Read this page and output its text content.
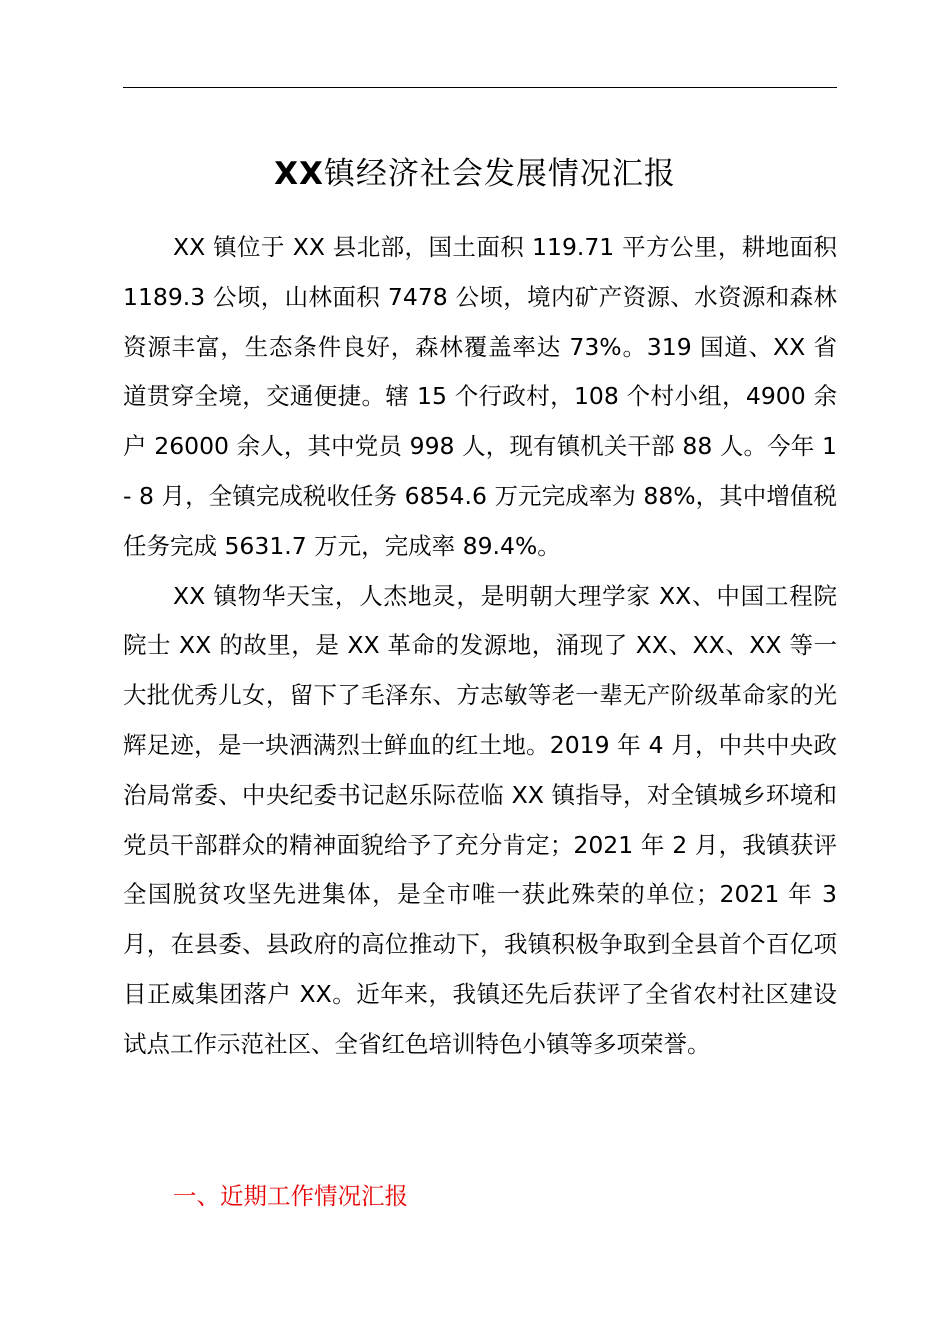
XX镇经济社会发展情况汇报

XX 镇位于 XX 县北部，国土面积 119.71 平方公里，耕地面积 1189.3 公顷，山林面积 7478 公顷，境内矿产资源、水资源和森林资源丰富，生态条件良好，森林覆盖率达 73%。319 国道、XX 省道贯穿全境，交通便捷。辖 15 个行政村，108 个村小组，4900 余户 26000 余人，其中党员 998 人，现有镇机关干部 88 人。今年 1 - 8 月，全镇完成税收任务 6854.6 万元完成率为 88%，其中增值税任务完成 5631.7 万元，完成率 89.4%。

XX 镇物华天宝，人杰地灵，是明朝大理学家 XX、中国工程院院士 XX 的故里，是 XX 革命的发源地，涌现了 XX、XX、XX 等一大批优秀儿女，留下了毛泽东、方志敏等老一辈无产阶级革命家的光辉足迹，是一块洒满烈士鲜血的红土地。2019 年 4 月，中共中央政治局常委、中央纪委书记赵乐际莅临 XX 镇指导，对全镇城乡环境和党员干部群众的精神面貌给予了充分肯定；2021 年 2 月，我镇获评全国脱贫攻坚先进集体，是全市唯一获此殊荣的单位；2021 年 3 月，在县委、县政府的高位推动下，我镇积极争取到全县首个百亿项目正威集团落户 XX。近年来，我镇还先后获评了全省农村社区建设试点工作示范社区、全省红色培训特色小镇等多项荣誉。

一、近期工作情况汇报
